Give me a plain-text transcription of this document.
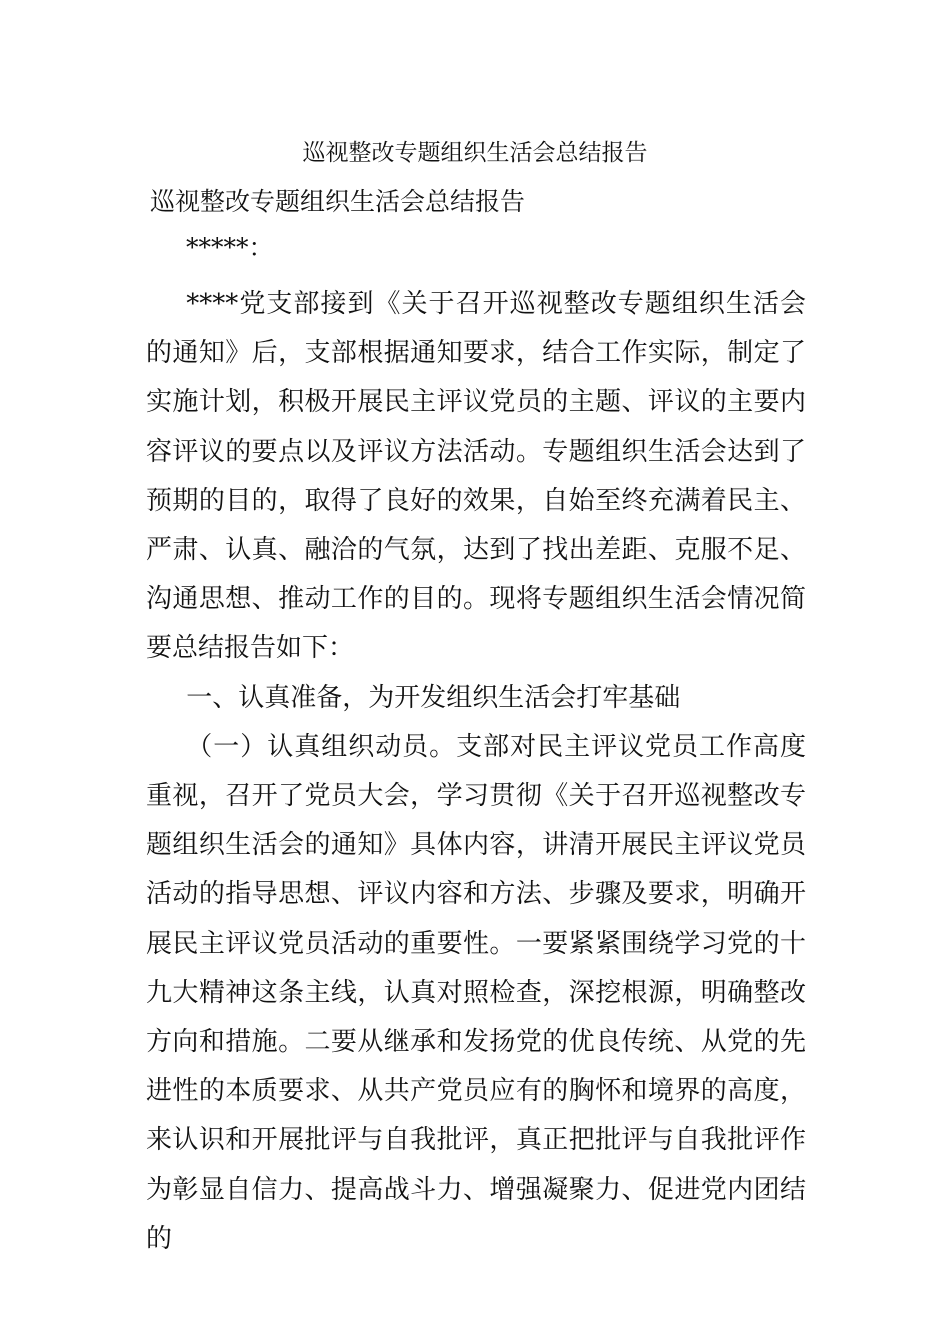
巡视整改专题组织生活会总结报告
巡视整改专题组织生活会总结报告
*****：

****党支部接到《关于召开巡视整改专题组织生活会的通知》后，支部根据通知要求，结合工作实际，制定了实施计划，积极开展民主评议党员的主题、评议的主要内容评议的要点以及评议方法活动。专题组织生活会达到了预期的目的，取得了良好的效果，自始至终充满着民主、严肃、认真、融洽的气氛，达到了找出差距、克服不足、沟通思想、推动工作的目的。现将专题组织生活会情况简要总结报告如下：

一、认真准备，为开发组织生活会打牢基础

（一）认真组织动员。支部对民主评议党员工作高度重视，召开了党员大会，学习贯彻《关于召开巡视整改专题组织生活会的通知》具体内容，讲清开展民主评议党员活动的指导思想、评议内容和方法、步骤及要求，明确开展民主评议党员活动的重要性。一要紧紧围绕学习党的十九大精神这条主线，认真对照检查，深挖根源，明确整改方向和措施。二要从继承和发扬党的优良传统、从党的先进性的本质要求、从共产党员应有的胸怀和境界的高度，来认识和开展批评与自我批评，真正把批评与自我批评作为彰显自信力、提高战斗力、增强凝聚力、促进党内团结的
